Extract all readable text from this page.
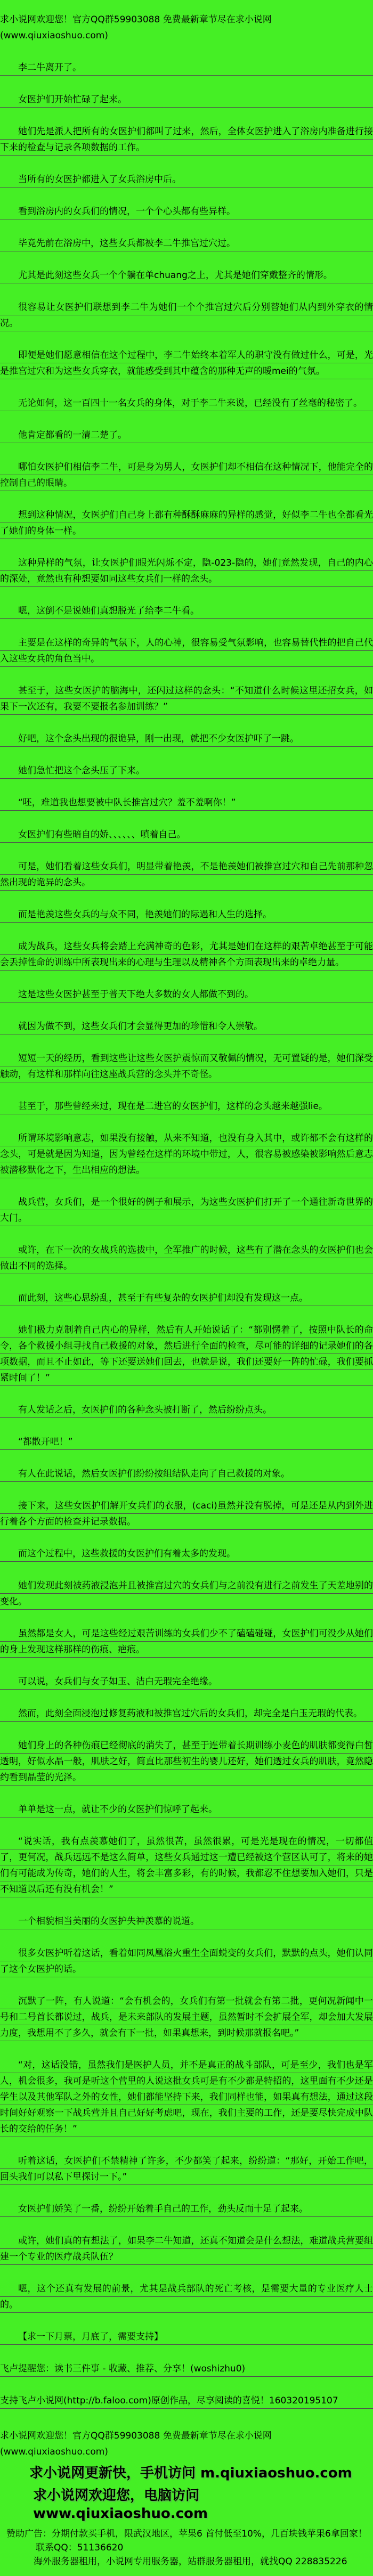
求小说网欢迎您！官方QQ群59903088 免费最新章节尽在求小说网(www.qiuxiaoshuo.com)

李二牛离开了。

女医护们开始忙碌了起来。

她们先是派人把所有的女医护们都叫了过来，然后，全体女医护进入了浴房内准备进行接下来的检查与记录各项数据的工作。

当所有的女医护都进入了女兵浴房中后。

看到浴房内的女兵们的情况，一个个心头都有些异样。

毕竟先前在浴房中，这些女兵都被李二牛推宫过穴过。

尤其是此刻这些女兵一个个躺在单chuang之上，尤其是她们穿戴整齐的情形。

很容易让女医护们联想到李二牛为她们一个个推宫过穴后分别替她们从内到外穿衣的情况。

即便是她们愿意相信在这个过程中，李二牛始终本着军人的职守没有做过什么，可是，光是推宫过穴和为这些女兵穿衣，就能感受到其中蕴含的那种无声的暧mei的气氛。

无论如何，这一百四十一名女兵的身体，对于李二牛来说，已经没有了丝毫的秘密了。

他肯定都看的一清二楚了。

哪怕女医护们相信李二牛，可是身为男人，女医护们却不相信在这种情况下，他能完全的控制自己的眼睛。

想到这种情况，女医护们自己身上都有种酥酥麻麻的异样的感觉，好似李二牛也全都看光了她们的身体一样。

这种异样的气氛，让女医护们眼光闪烁不定，隐-023-隐的，她们竟然发现，自己的内心的深处，竟然也有种想要如同这些女兵们一样的念头。

嗯，这倒不是说她们真想脱光了给李二牛看。

主要是在这样的奇异的气氛下，人的心神，很容易受气氛影响，也容易替代性的把自己代入这些女兵的角色当中。

甚至于，这些女医护的脑海中，还闪过这样的念头：“不知道什么时候这里还招女兵，如果下一次还有，我要不要报名参加训练？”

好吧，这个念头出现的很诡异，刚一出现，就把不少女医护吓了一跳。

她们急忙把这个念头压了下来。

“呸，难道我也想要被中队长推宫过穴？羞不羞啊你！”

女医护们有些暗自的娇、、、、、、嗔着自己。

可是，她们看着这些女兵们，明显带着艳羡，不是艳羡她们被推宫过穴和自己先前那种忽然出现的诡异的念头。

而是艳羡这些女兵的与众不同，艳羡她们的际遇和人生的选择。

成为战兵，这些女兵将会踏上充满神奇的色彩，尤其是她们在这样的艰苦卓绝甚至于可能会丢掉性命的训练中所表现出来的心理与生理以及精神各个方面表现出来的卓绝力量。

这是这些女医护甚至于普天下绝大多数的女人都做不到的。

就因为做不到，这些女兵们才会显得更加的珍惜和令人崇敬。

短短一天的经历，看到这些让这些女医护震惊而又敬佩的情况，无可置疑的是，她们深受触动，有这样和那样向往这座战兵营的念头并不奇怪。

甚至于，那些曾经来过，现在是二进宫的女医护们，这样的念头越来越强lie。

所谓环境影响意志，如果没有接触，从来不知道，也没有身入其中，或许都不会有这样的念头，可是就是因为知道，因为曾经在这样的环境中带过，人，很容易被感染被影响然后意志被潜移默化之下，生出相应的想法。

战兵营，女兵们，是一个很好的例子和展示，为这些女医护们打开了一个通往新奇世界的大门。

或许，在下一次的女战兵的选拔中，全军推广的时候，这些有了潜在念头的女医护们也会做出不同的选择。

而此刻，这些心思纷乱，甚至于有些复杂的女医护们却没有发现这一点。

她们极力克制着自己内心的异样，然后有人开始说话了：“都别愣着了，按照中队长的命令，各个救援小组寻找自己救援的对象，然后进行全面的检查，尽可能的详细的记录她们的各项数据，而且不止如此，等下还要送她们回去，也就是说，我们还要好一阵的忙碌，我们要抓紧时间了！”

有人发话之后，女医护们的各种念头被打断了，然后纷纷点头。

“都散开吧！”

有人在此说话，然后女医护们纷纷按组结队走向了自己救援的对象。

接下来，这些女医护们解开女兵们的衣服，(caci)虽然并没有脱掉，可是还是从内到外进行着各个方面的检查并记录数据。

而这个过程中，这些救援的女医护们有着太多的发现。

她们发现此刻被药液浸泡并且被推宫过穴的女兵们与之前没有进行之前发生了天差地别的变化。

虽然都是女人，可是这些经过艰苦训练的女兵们少不了磕磕碰碰，女医护们可没少从她们的身上发现这样那样的伤痕、疤痕。

可以说，女兵们与女子如玉、洁白无瑕完全绝缘。

然而，此刻全面浸泡过修复药液和被推宫过穴后的女兵们，却完全是白玉无瑕的代表。

她们身上的各种伤痕已经彻底的消失了，甚至于连带着长期训练小麦色的肌肤都变得白皙透明，好似水晶一般，肌肤之好，简直比那些初生的婴儿还好，她们透过女兵的肌肤，竟然隐约看到晶莹的光泽。

单单是这一点，就让不少的女医护们惊呼了起来。

“说实话，我有点羡慕她们了，虽然很苦，虽然很累，可是光是现在的情况，一切都值了，更何况，战兵远远不是这么简单，这些女兵通过这一遭已经被这个营区认可了，将来的她们有可能成为传奇，她们的人生，将会丰富多彩，有的时候，我都忍不住想要加入她们，只是不知道以后还有没有机会！”

一个相貌相当美丽的女医护失神羡慕的说道。

很多女医护听着这话，看着如同凤凰浴火重生全面蜕变的女兵们，默默的点头，她们认同了这个女医护的话。

沉默了一阵，有人说道：“会有机会的，女兵们有第一批就会有第二批，更何况新闻中一号和二号首长都说过，战兵，是未来部队的发展主题，虽然暂时不会扩展全军，却会加大发展力度，我想用不了多久，就会有下一批，如果真想来，到时候那就报名吧。”

“对，这话没错，虽然我们是医护人员，并不是真正的战斗部队，可是至少，我们也是军人，机会很多，我可是听这个营里的人说这批女兵可是有不少都是特招的，这里面有不少还是学生以及其他军队之外的女性，她们都能坚持下来，我们同样也能，如果真有想法，通过这段时间好好观察一下战兵营并且自己好好考虑吧，现在，我们主要的工作，还是要尽快完成中队长的交给的任务！”

听着这话，女医护们不禁精神了许多，不少都笑了起来，纷纷道：“那好，开始工作吧，回头我们可以私下里探讨一下。”

女医护们娇笑了一番，纷纷开始着手自己的工作，劲头反而十足了起来。

或许，她们真的有想法了，如果李二牛知道，还真不知道会是什么想法，难道战兵营要组建一个专业的医疗战兵队伍？

嗯，这个还真有发展的前景，尤其是战兵部队的死亡考核，是需要大量的专业医疗人士的。

【求一下月票，月底了，需要支持】

飞卢提醒您：读书三件事 - 收藏、推荐、分享！(woshizhu0)

支持飞卢小说网(http://b.faloo.com)原创作品，尽享阅读的喜悦！160320195107

求小说网欢迎您！官方QQ群59903088 免费最新章节尽在求小说网(www.qiuxiaoshuo.com)

求小说网更新快，手机访问 m.qiuxiaoshuo.com

求小说网欢迎您，电脑访问 www.qiuxiaoshuo.com

赞助广告：分期付款买手机，限武汉地区，苹果6 首付低至10%，几百块钱苹果6拿回家！

联系QQ：51136620

海外服务器租用，小说网专用服务器，站群服务器租用，就找QQ 228835226
